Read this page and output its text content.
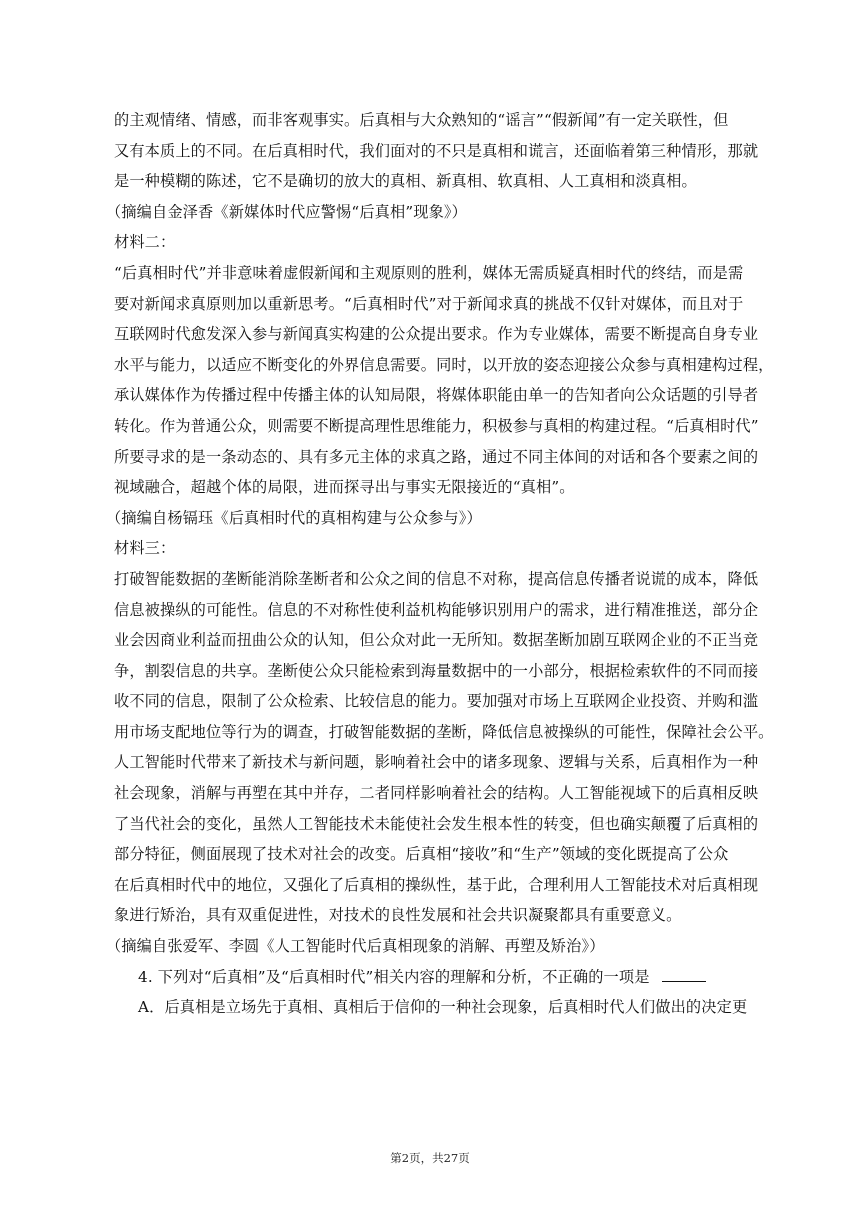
的主观情绪、情感，而非客观事实。后真相与大众熟知的“谣言”“假新闻”有一定关联性，但
又有本质上的不同。在后真相时代，我们面对的不只是真相和谎言，还面临着第三种情形，那就
是一种模糊的陈述，它不是确切的放大的真相、新真相、软真相、人工真相和淡真相。
（摘编自金泽香《新媒体时代应警惕“后真相”现象》）
材料二：
“后真相时代”并非意味着虚假新闻和主观原则的胜利，媒体无需质疑真相时代的终结，而是需
要对新闻求真原则加以重新思考。“后真相时代”对于新闻求真的挑战不仅针对媒体，而且对于
互联网时代愈发深入参与新闻真实构建的公众提出要求。作为专业媒体，需要不断提高自身专业
水平与能力，以适应不断变化的外界信息需要。同时，以开放的姿态迎接公众参与真相建构过程，
承认媒体作为传播过程中传播主体的认知局限，将媒体职能由单一的告知者向公众话题的引导者
转化。作为普通公众，则需要不断提高理性思维能力，积极参与真相的构建过程。“后真相时代”
所要寻求的是一条动态的、具有多元主体的求真之路，通过不同主体间的对话和各个要素之间的
视域融合，超越个体的局限，进而探寻出与事实无限接近的“真相”。
（摘编自杨镉珏《后真相时代的真相构建与公众参与》）
材料三：
打破智能数据的垄断能消除垄断者和公众之间的信息不对称，提高信息传播者说谎的成本，降低
信息被操纵的可能性。信息的不对称性使利益机构能够识别用户的需求，进行精准推送，部分企
业会因商业利益而扭曲公众的认知，但公众对此一无所知。数据垄断加剧互联网企业的不正当竞
争，割裂信息的共享。垄断使公众只能检索到海量数据中的一小部分，根据检索软件的不同而接
收不同的信息，限制了公众检索、比较信息的能力。要加强对市场上互联网企业投资、并购和滥
用市场支配地位等行为的调查，打破智能数据的垄断，降低信息被操纵的可能性，保障社会公平。
人工智能时代带来了新技术与新问题，影响着社会中的诸多现象、逻辑与关系，后真相作为一种
社会现象，消解与再塑在其中并存，二者同样影响着社会的结构。人工智能视域下的后真相反映
了当代社会的变化，虽然人工智能技术未能使社会发生根本性的转变，但也确实颠覆了后真相的
部分特征，侧面展现了技术对社会的改变。后真相“接收”和“生产”领域的变化既提高了公众
在后真相时代中的地位，又强化了后真相的操纵性，基于此，合理利用人工智能技术对后真相现
象进行矫治，具有双重促进性，对技术的良性发展和社会共识凝聚都具有重要意义。
（摘编自张爱军、李圆《人工智能时代后真相现象的消解、再塑及矫治》）
4. 下列对“后真相”及“后真相时代”相关内容的理解和分析，不正确的一项是
A．后真相是立场先于真相、真相后于信仰的一种社会现象，后真相时代人们做出的决定更
第2页，共27页
